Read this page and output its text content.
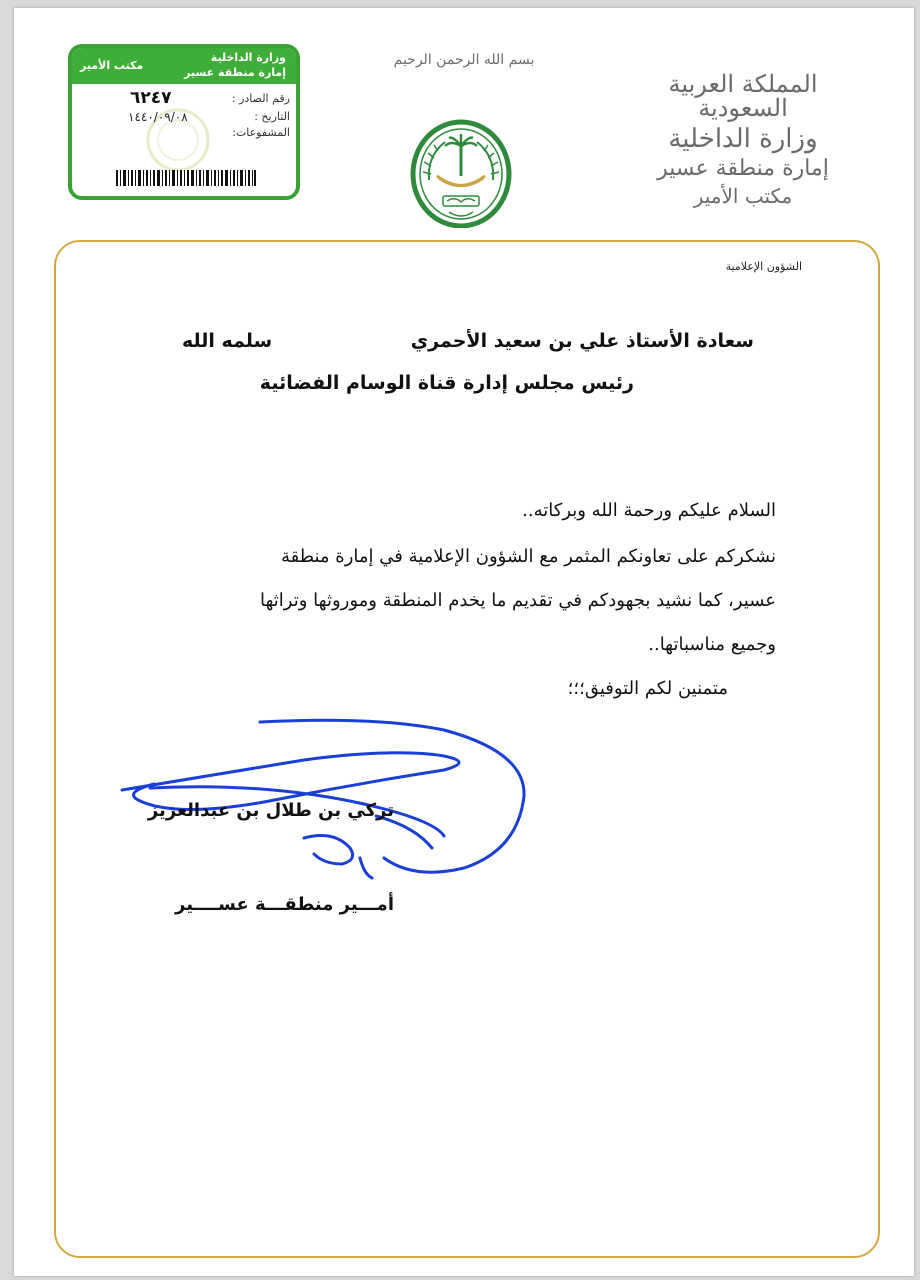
مكتب الأمير
وزارة الداخلية
إمارة منطقة عسير
رقم الصادر :
٦٢٤٧
التاريخ :
١٤٤٠/٠٩/٠٨
المشفوعات:
بسم الله الرحمن الرحيم
المملكة العربية السعودية
وزارة الداخلية
إمارة منطقة عسير
مكتب الأمير
الشؤون الإعلامية
سعادة الأستاذ علي بن سعيد الأحمري
سلمه الله
رئيس مجلس إدارة قناة الوسام الفضائية
السلام عليكم ورحمة الله وبركاته..
نشكركم على تعاونكم المثمر مع الشؤون الإعلامية في إمارة منطقة
عسير، كما نشيد بجهودكم في تقديم ما يخدم المنطقة وموروثها وتراثها
وجميع مناسباتها..
متمنين لكم التوفيق؛؛؛
تركي بن طلال بن عبدالعزيز
أمـــير منطقـــة عســــير
